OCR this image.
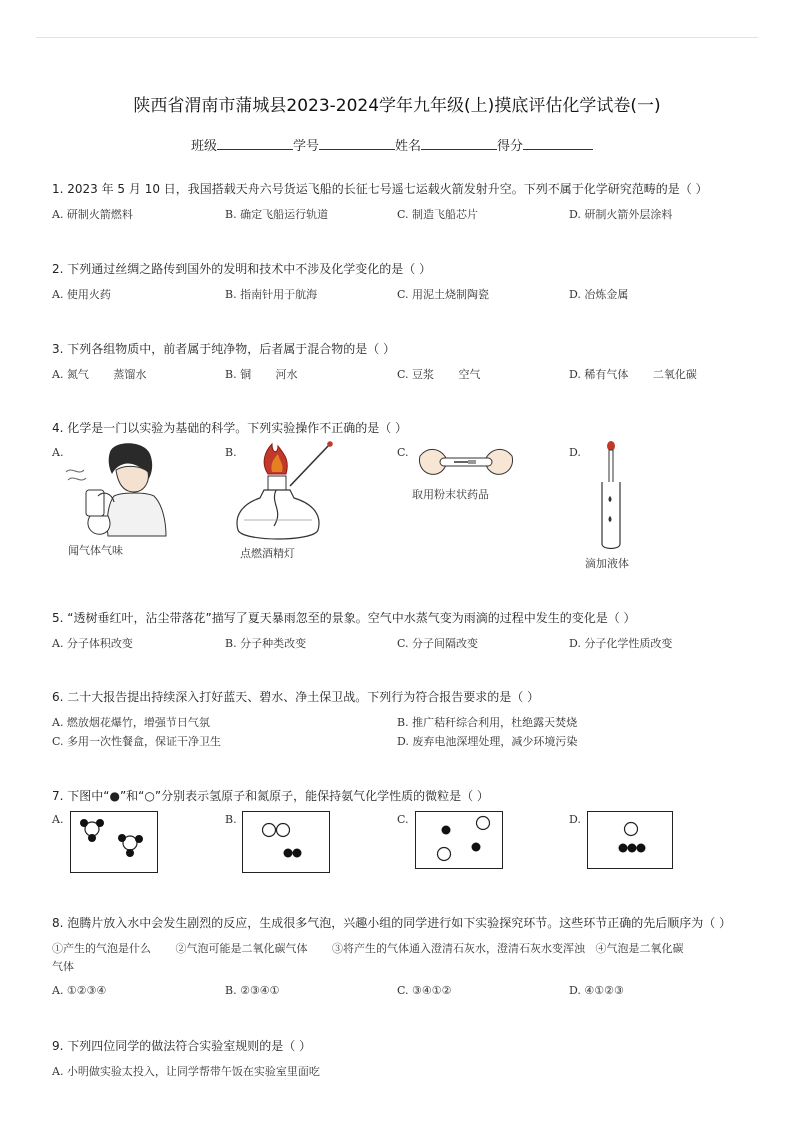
陕西省渭南市蒲城县2023-2024学年九年级(上)摸底评估化学试卷(一)
班级	学号	姓名	得分
1. 2023 年 5 月 10 日，我国搭载天舟六号货运飞船的长征七号遥七运载火箭发射升空。下列不属于化学研究范畴的是（ ）
A. 研制火箭燃料	B. 确定飞船运行轨道	C. 制造飞船芯片	D. 研制火箭外层涂料
2. 下列通过丝绸之路传到国外的发明和技术中不涉及化学变化的是（ ）
A. 使用火药	B. 指南针用于航海	C. 用泥土烧制陶瓷	D. 冶炼金属
3. 下列各组物质中，前者属于纯净物，后者属于混合物的是（ ）
A. 氮气       蒸馏水	B. 铜       河水	C. 豆浆       空气	D. 稀有气体       二氧化碳
4. 化学是一门以实验为基础的科学。下列实验操作不正确的是（ ）
A.	B.	C.	D.
闻气体气味	点燃酒精灯
取用粉末状药品
滴加液体
5. “透树垂红叶，沾尘带落花”描写了夏天暴雨忽至的景象。空气中水蒸气变为雨滴的过程中发生的变化是（ ）
A. 分子体积改变	B. 分子种类改变	C. 分子间隔改变	D. 分子化学性质改变
6. 二十大报告提出持续深入打好蓝天、碧水、净土保卫战。下列行为符合报告要求的是（ ）
A. 燃放烟花爆竹，增强节日气氛	B. 推广秸秆综合利用，杜绝露天焚烧
C. 多用一次性餐盒，保证干净卫生	D. 废弃电池深埋处理，减少环境污染
7. 下图中“●”和“○”分别表示氢原子和氮原子，能保持氨气化学性质的微粒是（ ）
A.	B.	C.	D.
8. 泡腾片放入水中会发生剧烈的反应，生成很多气泡，兴趣小组的同学进行如下实验探究环节。这些环节正确的先后顺序为（ ）
①产生的气泡是什么       ②气泡可能是二氧化碳气体       ③将产生的气体通入澄清石灰水，澄清石灰水变浑浊   ④气泡是二氧化碳
气体
A. ①②③④	B. ②③④①	C. ③④①②	D. ④①②③
9. 下列四位同学的做法符合实验室规则的是（ ）
A. 小明做实验太投入，让同学帮带午饭在实验室里面吃
